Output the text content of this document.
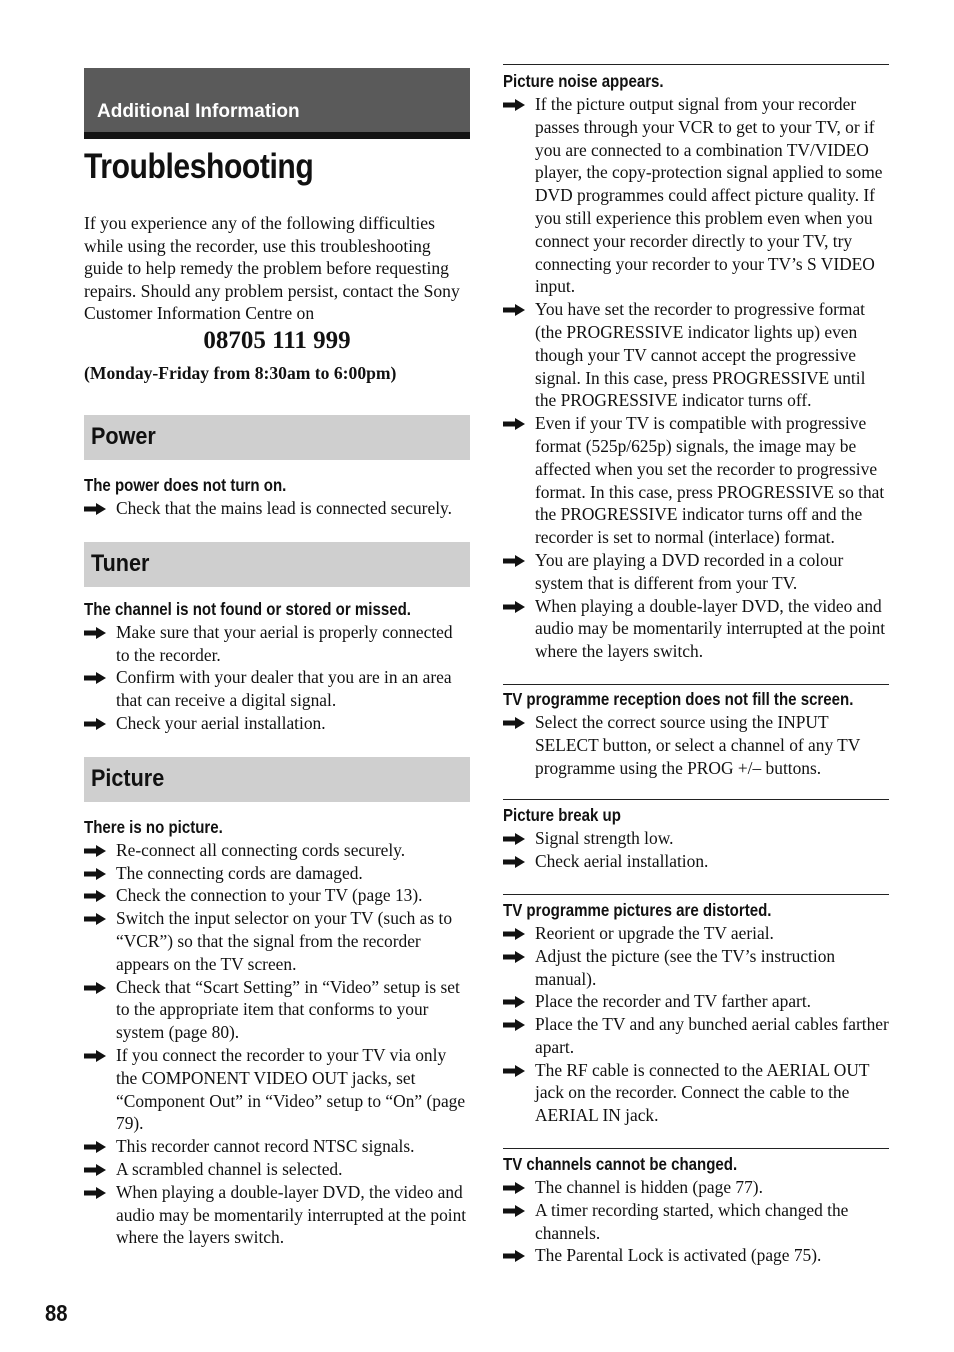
Additional Information
Troubleshooting
If you experience any of the following difficulties while using the recorder, use this troubleshooting guide to help remedy the problem before requesting repairs. Should any problem persist, contact the Sony Customer Information Centre on
08705 111 999
(Monday-Friday from 8:30am to 6:00pm)
Power
The power does not turn on.
Check that the mains lead is connected securely.
Tuner
The channel is not found or stored or missed.
Make sure that your aerial is properly connected to the recorder.
Confirm with your dealer that you are in an area that can receive a digital signal.
Check your aerial installation.
Picture
There is no picture.
Re-connect all connecting cords securely.
The connecting cords are damaged.
Check the connection to your TV (page 13).
Switch the input selector on your TV (such as to “VCR”) so that the signal from the recorder appears on the TV screen.
Check that “Scart Setting” in “Video” setup is set to the appropriate item that conforms to your system (page 80).
If you connect the recorder to your TV via only the COMPONENT VIDEO OUT jacks, set “Component Out” in “Video” setup to “On” (page 79).
This recorder cannot record NTSC signals.
A scrambled channel is selected.
When playing a double-layer DVD, the video and audio may be momentarily interrupted at the point where the layers switch.
Picture noise appears.
If the picture output signal from your recorder passes through your VCR to get to your TV, or if you are connected to a combination TV/VIDEO player, the copy-protection signal applied to some DVD programmes could affect picture quality. If you still experience this problem even when you connect your recorder directly to your TV, try connecting your recorder to your TV’s S VIDEO input.
You have set the recorder to progressive format (the PROGRESSIVE indicator lights up) even though your TV cannot accept the progressive signal. In this case, press PROGRESSIVE until the PROGRESSIVE indicator turns off.
Even if your TV is compatible with progressive format (525p/625p) signals, the image may be affected when you set the recorder to progressive format. In this case, press PROGRESSIVE so that the PROGRESSIVE indicator turns off and the recorder is set to normal (interlace) format.
You are playing a DVD recorded in a colour system that is different from your TV.
When playing a double-layer DVD, the video and audio may be momentarily interrupted at the point where the layers switch.
TV programme reception does not fill the screen.
Select the correct source using the INPUT SELECT button, or select a channel of any TV programme using the PROG +/– buttons.
Picture break up
Signal strength low.
Check aerial installation.
TV programme pictures are distorted.
Reorient or upgrade the TV aerial.
Adjust the picture (see the TV’s instruction manual).
Place the recorder and TV farther apart.
Place the TV and any bunched aerial cables farther apart.
The RF cable is connected to the AERIAL OUT jack on the recorder. Connect the cable to the AERIAL IN jack.
TV channels cannot be changed.
The channel is hidden (page 77).
A timer recording started, which changed the channels.
The Parental Lock is activated (page 75).
88
